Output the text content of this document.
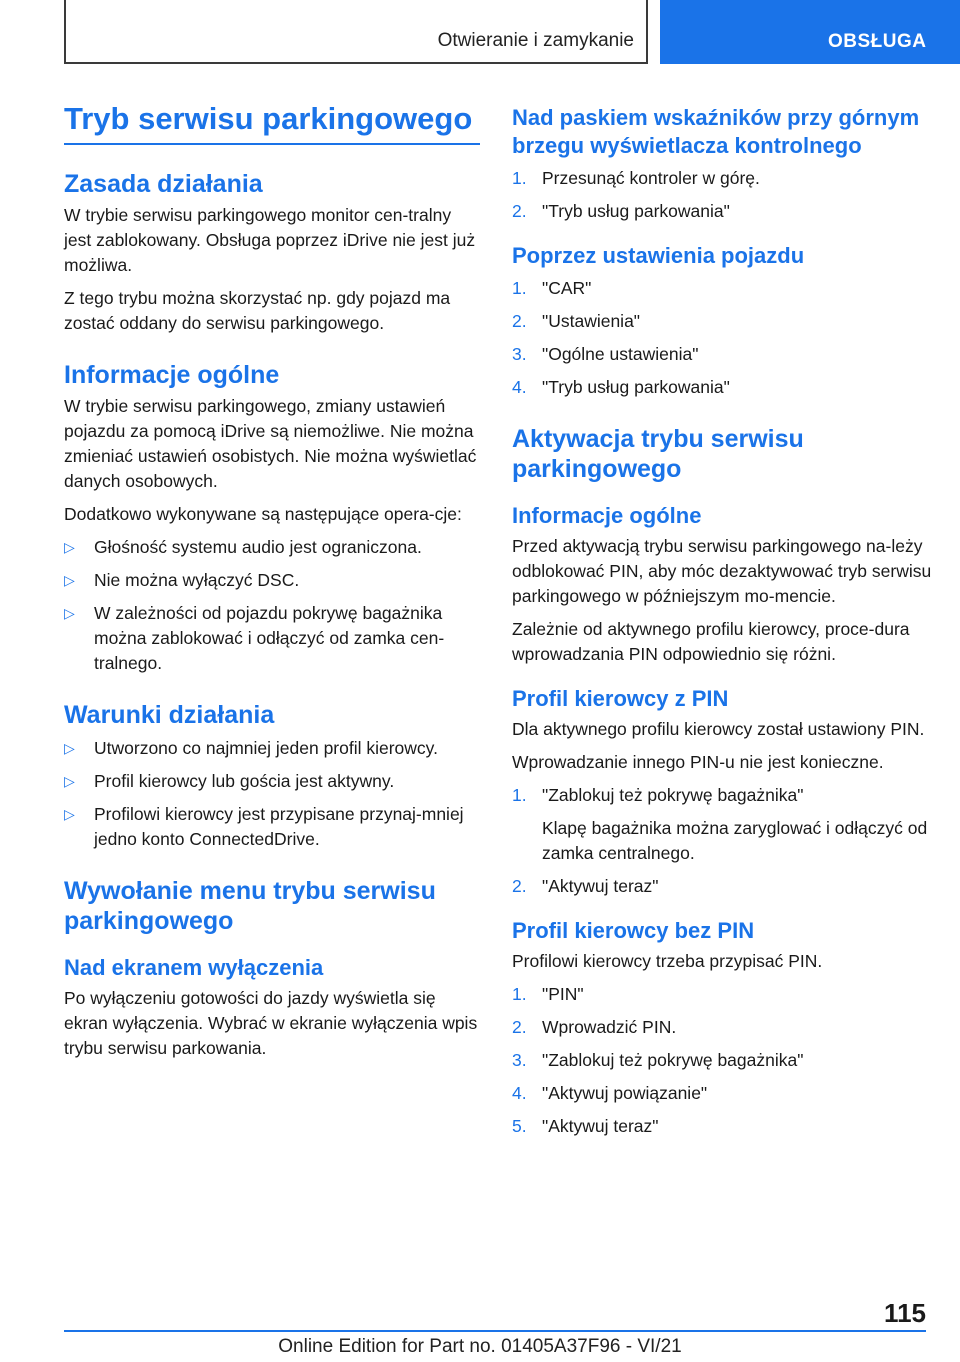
Otwieranie i zamykanie	OBSŁUGA
Tryb serwisu parkingowego
Zasada działania

W trybie serwisu parkingowego monitor cen-tralny jest zablokowany. Obsługa poprzez iDrive nie jest już możliwa.

Z tego trybu można skorzystać np. gdy pojazd ma zostać oddany do serwisu parkingowego.

Informacje ogólne

W trybie serwisu parkingowego, zmiany ustawień pojazdu za pomocą iDrive są niemożliwe. Nie można zmieniać ustawień osobistych. Nie można wyświetlać danych osobowych.

Dodatkowo wykonywane są następujące opera-cje:

▷ Głośność systemu audio jest ograniczona.
▷ Nie można wyłączyć DSC.
▷ W zależności od pojazdu pokrywę bagażnika można zablokować i odłączyć od zamka cen-tralnego.
Warunki działania
▷ Utworzono co najmniej jeden profil kierowcy.
▷ Profil kierowcy lub gościa jest aktywny.
▷ Profilowi kierowcy jest przypisane przynaj-mniej jedno konto ConnectedDrive.
Wywołanie menu trybu serwisu parkingowego
Nad ekranem wyłączenia

Po wyłączeniu gotowości do jazdy wyświetla się ekran wyłączenia. Wybrać w ekranie wyłączenia wpis trybu serwisu parkowania.

Nad paskiem wskaźników przy górnym brzegu wyświetlacza kontrolnego
1. Przesunąć kontroler w górę.
2. "Tryb usług parkowania"
Poprzez ustawienia pojazdu
1. "CAR"
2. "Ustawienia"
3. "Ogólne ustawienia"
4. "Tryb usług parkowania"
Aktywacja trybu serwisu parkingowego
Informacje ogólne

Przed aktywacją trybu serwisu parkingowego na-leży odblokować PIN, aby móc dezaktywować tryb serwisu parkingowego w późniejszym mo-mencie.

Zależnie od aktywnego profilu kierowcy, proce-dura wprowadzania PIN odpowiednio się różni.

Profil kierowcy z PIN

Dla aktywnego profilu kierowcy został ustawiony PIN.

Wprowadzanie innego PIN-u nie jest konieczne.

1. "Zablokuj też pokrywę bagażnika"
Klapę bagażnika można zaryglować i odłączyć od zamka centralnego.
2. "Aktywuj teraz"
Profil kierowcy bez PIN

Profilowi kierowcy trzeba przypisać PIN.

1. "PIN"
2. Wprowadzić PIN.
3. "Zablokuj też pokrywę bagażnika"
4. "Aktywuj powiązanie"
5. "Aktywuj teraz"
115
Online Edition for Part no. 01405A37F96 - VI/21
